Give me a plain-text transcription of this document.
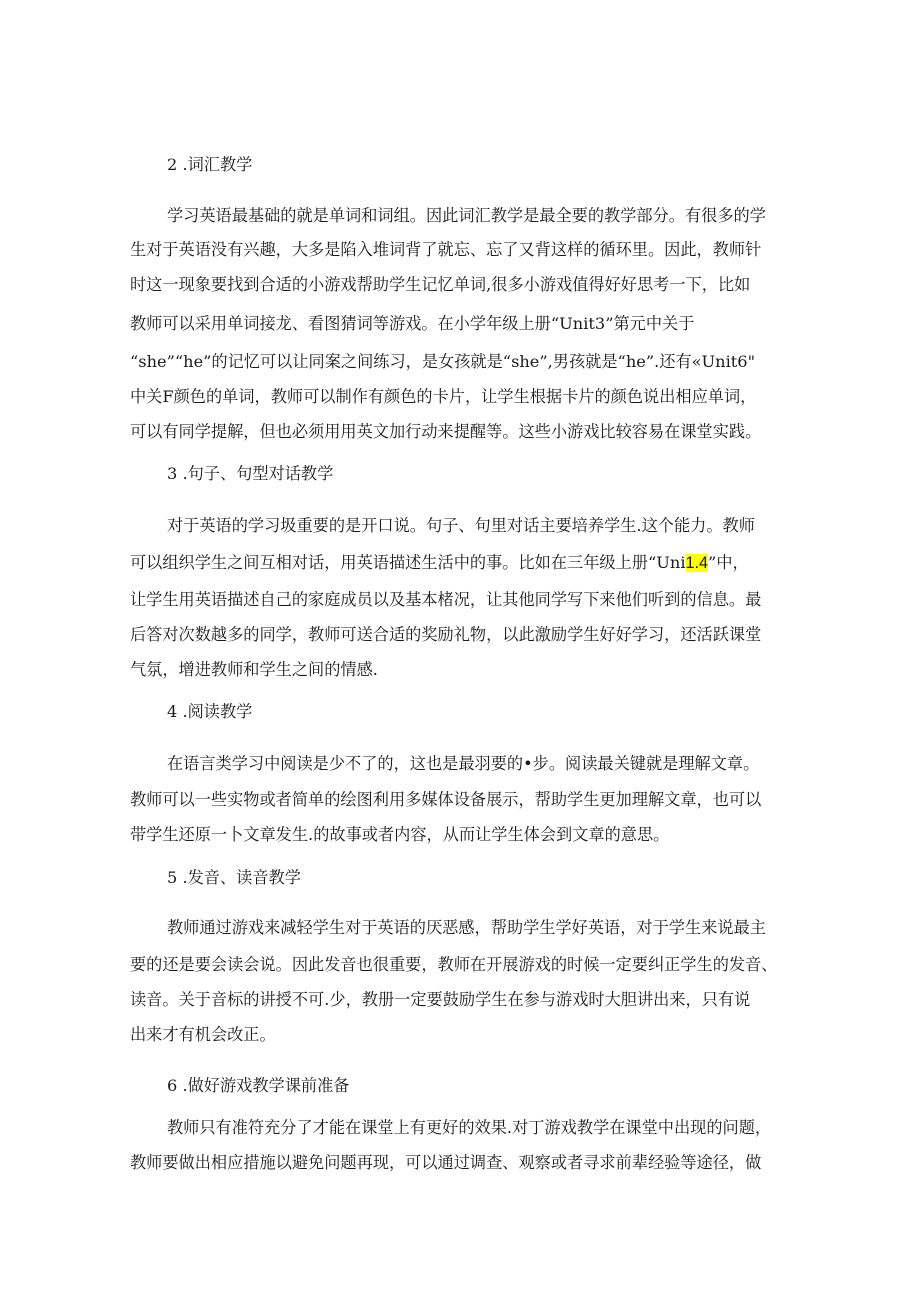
2 .词汇教学
学习英语最基础的就是单词和词组。因此词汇教学是最全要的教学部分。有很多的学
生对于英语没有兴趣，大多是陷入堆词背了就忘、忘了又背这样的循环里。因此，教师针
时这一现象要找到合适的小游戏帮助学生记忆单词,很多小游戏值得好好思考一下，比如
教师可以采用单词接龙、看图猜词等游戏。在小学年级上册“Unit3”第元中关于
“she”“he”的记忆可以让同案之间练习，是女孩就是“she”,男孩就是“he”.还有«Unit6"
中关F颜色的单词，教师可以制作有颜色的卡片，让学生根据卡片的颜色说出相应单词，
可以有同学提解，但也必须用用英文加行动来提醒等。这些小游戏比较容易在课堂实践。
3 .句子、句型对话教学
对于英语的学习圾重要的是开口说。句子、句里对话主要培养学生.这个能力。教师
可以组织学生之间互相对话，用英语描述生活中的事。比如在三年级上册“Uni1.4”中，
让学生用英语描述自己的家庭成员以及基本楮况，让其他同学写下来他们听到的信息。最
后答对次数越多的同学，教师可送合适的奖励礼物，以此激励学生好好学习，还活跃课堂
气氛，增进教师和学生之间的情感.
4 .阅读教学
在语言类学习中阅读是少不了的，这也是最羽要的•步。阅读最关键就是理解文章。
教师可以一些实物或者简单的绘图利用多媒体设备展示，帮助学生更加理解文章，也可以
带学生还原一卜文章发生.的故事或者内容，从而让学生体会到文章的意思。
5 .发音、读音教学
教师通过游戏来减轻学生对于英语的厌恶感，帮助学生学好英语，对于学生来说最主
要的还是要会读会说。因此发音也很重要，教师在开展游戏的时候一定要纠正学生的发音、
读音。关于音标的讲授不可.少，教册一定要鼓励学生在参与游戏时大胆讲出来，只有说
出来才有机会改正。
6 .做好游戏教学课前准备
教师只有准符充分了才能在课堂上有更好的效果.对丁游戏教学在课堂中出现的问题，
教师要做出相应措施以避免问题再现，可以通过调查、观察或者寻求前辈经验等途径，做
